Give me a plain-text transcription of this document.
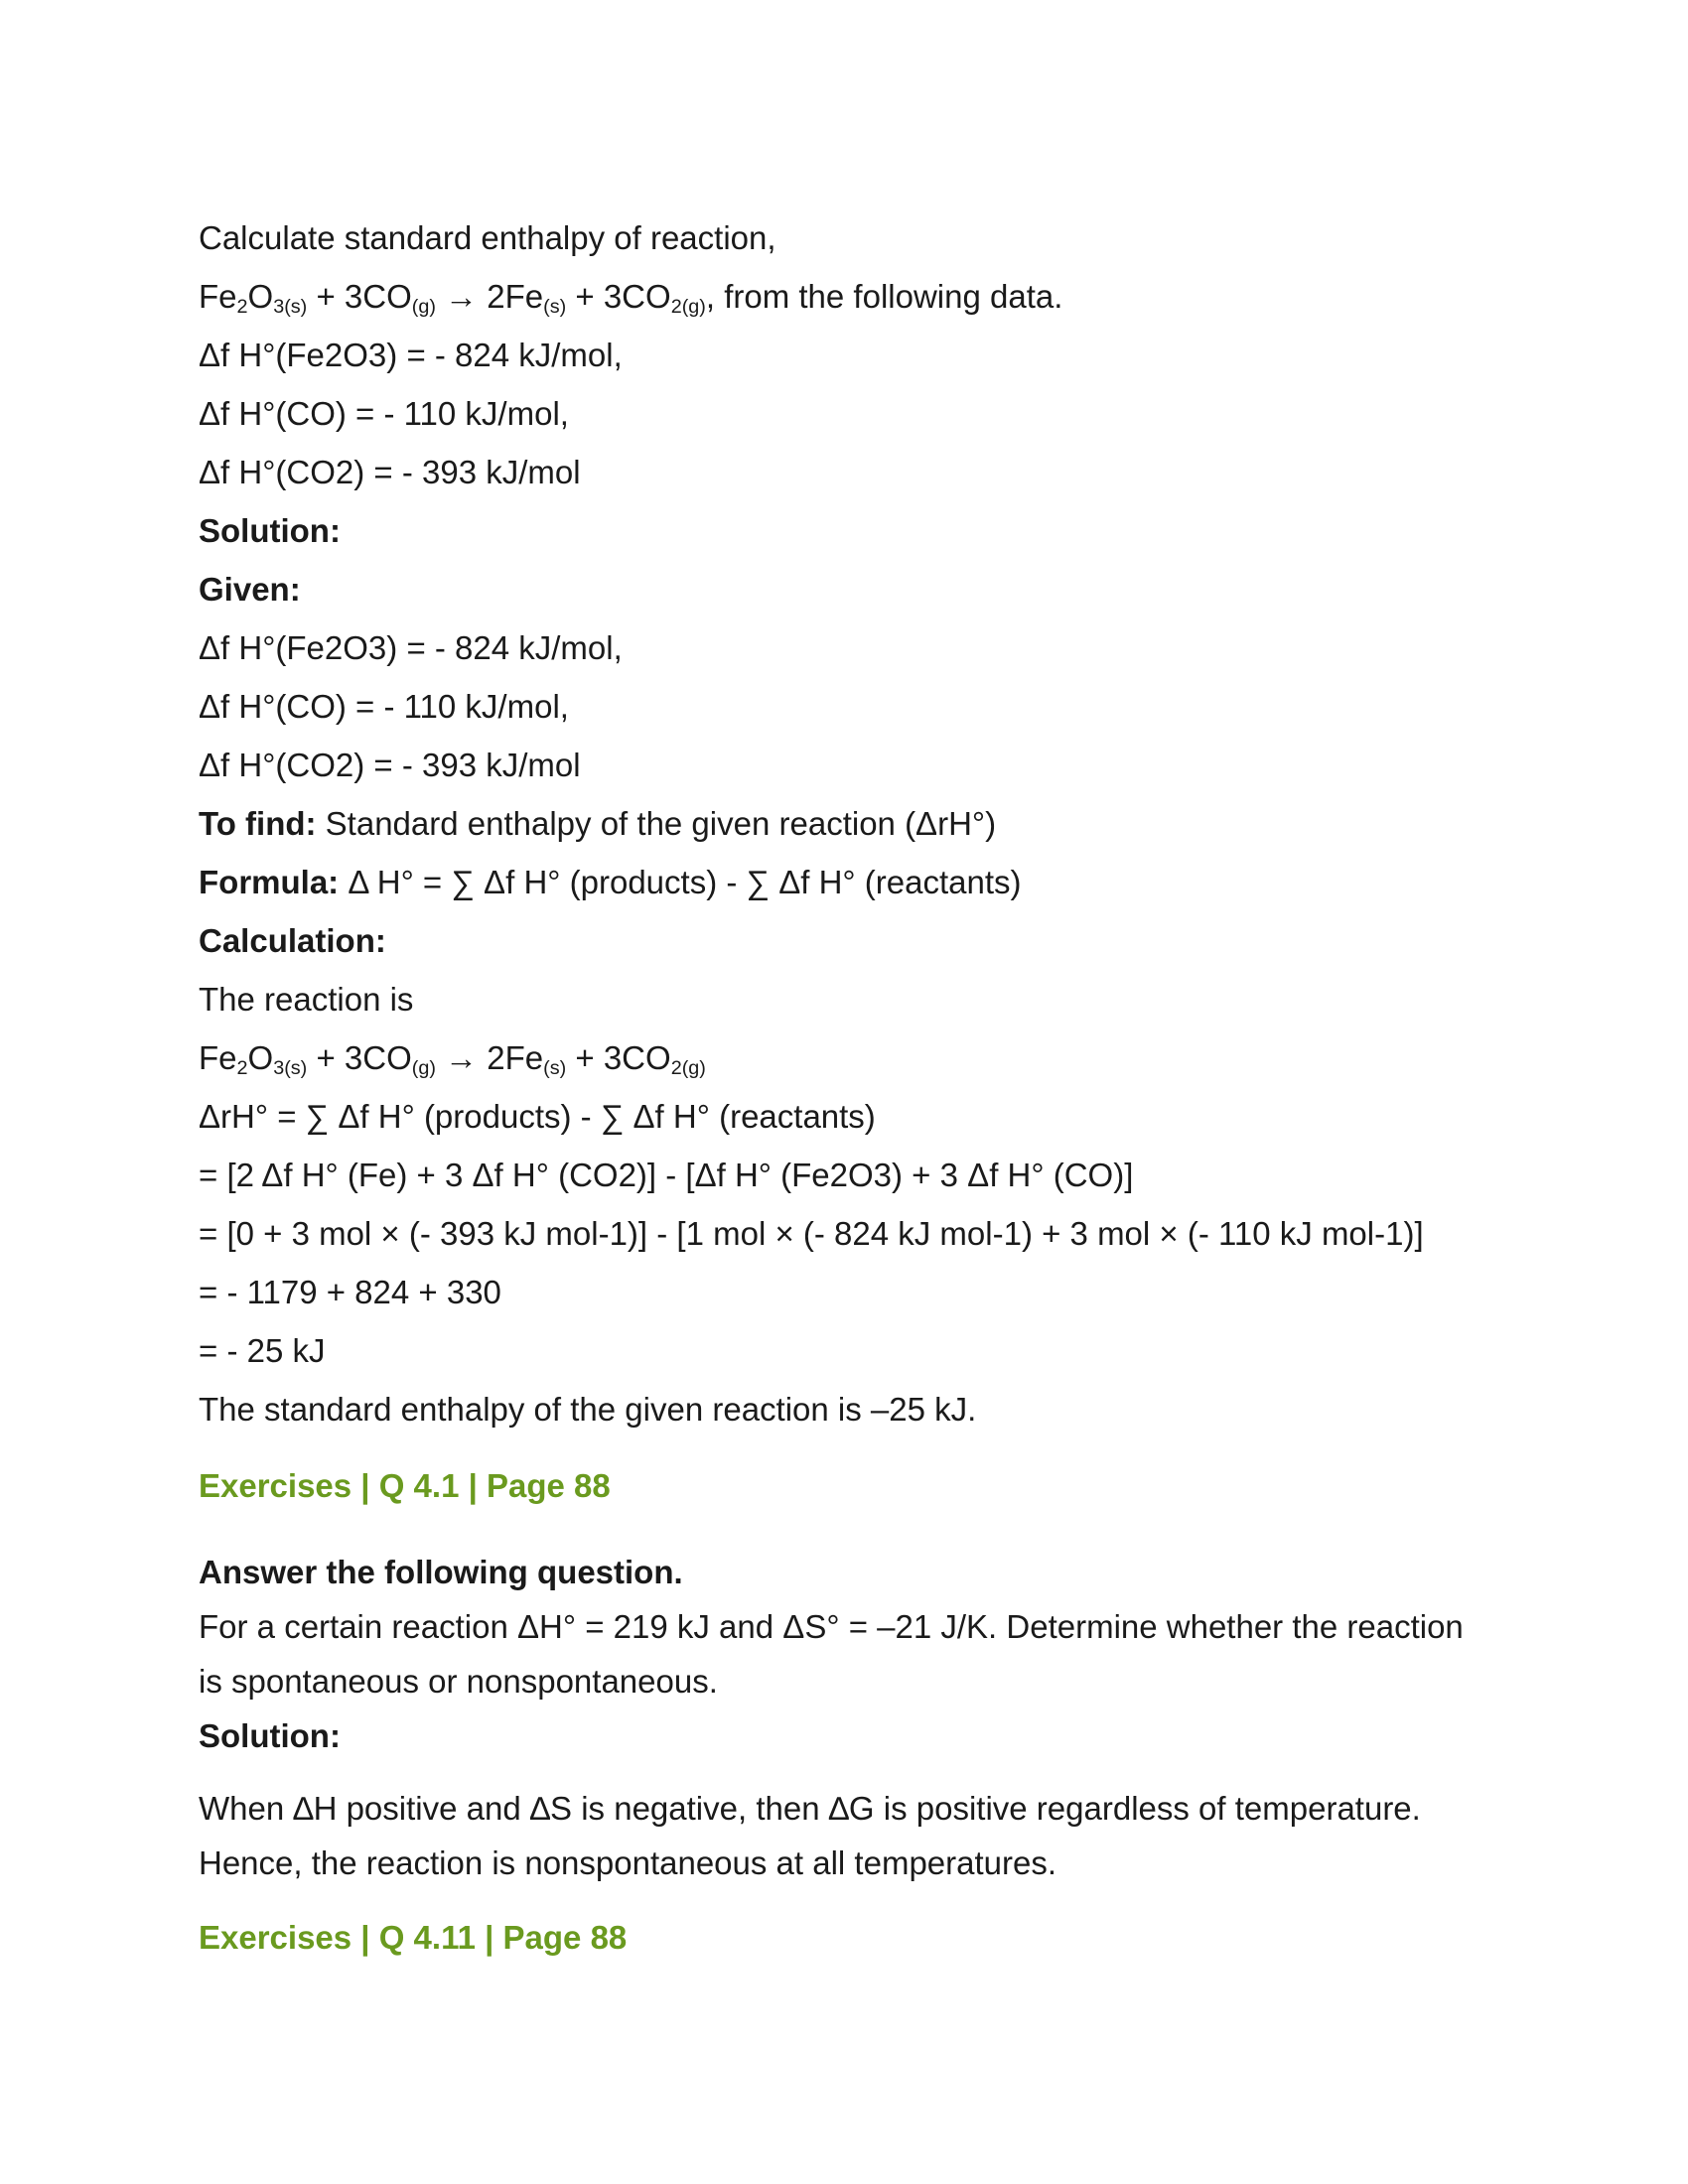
Calculate standard enthalpy of reaction,
$Fe_2O_{3(s)} + 3CO_{(g)} \to 2Fe_{(s)} + 3CO_{2(g)}$, from the following data.
Δf H°(Fe2O3) = - 824 kJ/mol,
Δf H°(CO) = - 110 kJ/mol,
Δf H°(CO2) = - 393 kJ/mol
Solution:
Given:
Δf H°(Fe2O3) = - 824 kJ/mol,
Δf H°(CO) = - 110 kJ/mol,
Δf H°(CO2) = - 393 kJ/mol
To find: Standard enthalpy of the given reaction (ΔrH°)
Formula: Δ H° = ∑ Δf H° (products) - ∑ Δf H° (reactants)
Calculation:
The reaction is
$Fe_2O_{3(s)} + 3CO_{(g)} \to 2Fe_{(s)} + 3CO_{2(g)}$
ΔrH° = ∑ Δf H° (products) - ∑ Δf H° (reactants)
= [2 Δf H° (Fe) + 3 Δf H° (CO2)] - [Δf H° (Fe2O3) + 3 Δf H° (CO)]
= [0 + 3 mol × (- 393 kJ mol-1)] - [1 mol × (- 824 kJ mol-1) + 3 mol × (- 110 kJ mol-1)]
= - 1179 + 824 + 330
= - 25 kJ
The standard enthalpy of the given reaction is –25 kJ.
Exercises | Q 4.1 | Page 88
Answer the following question.
For a certain reaction ΔH° = 219 kJ and ΔS° = –21 J/K. Determine whether the reaction
is spontaneous or nonspontaneous.
Solution:
When ∆H positive and ∆S is negative, then ∆G is positive regardless of temperature.
Hence, the reaction is nonspontaneous at all temperatures.
Exercises | Q 4.11 | Page 88
